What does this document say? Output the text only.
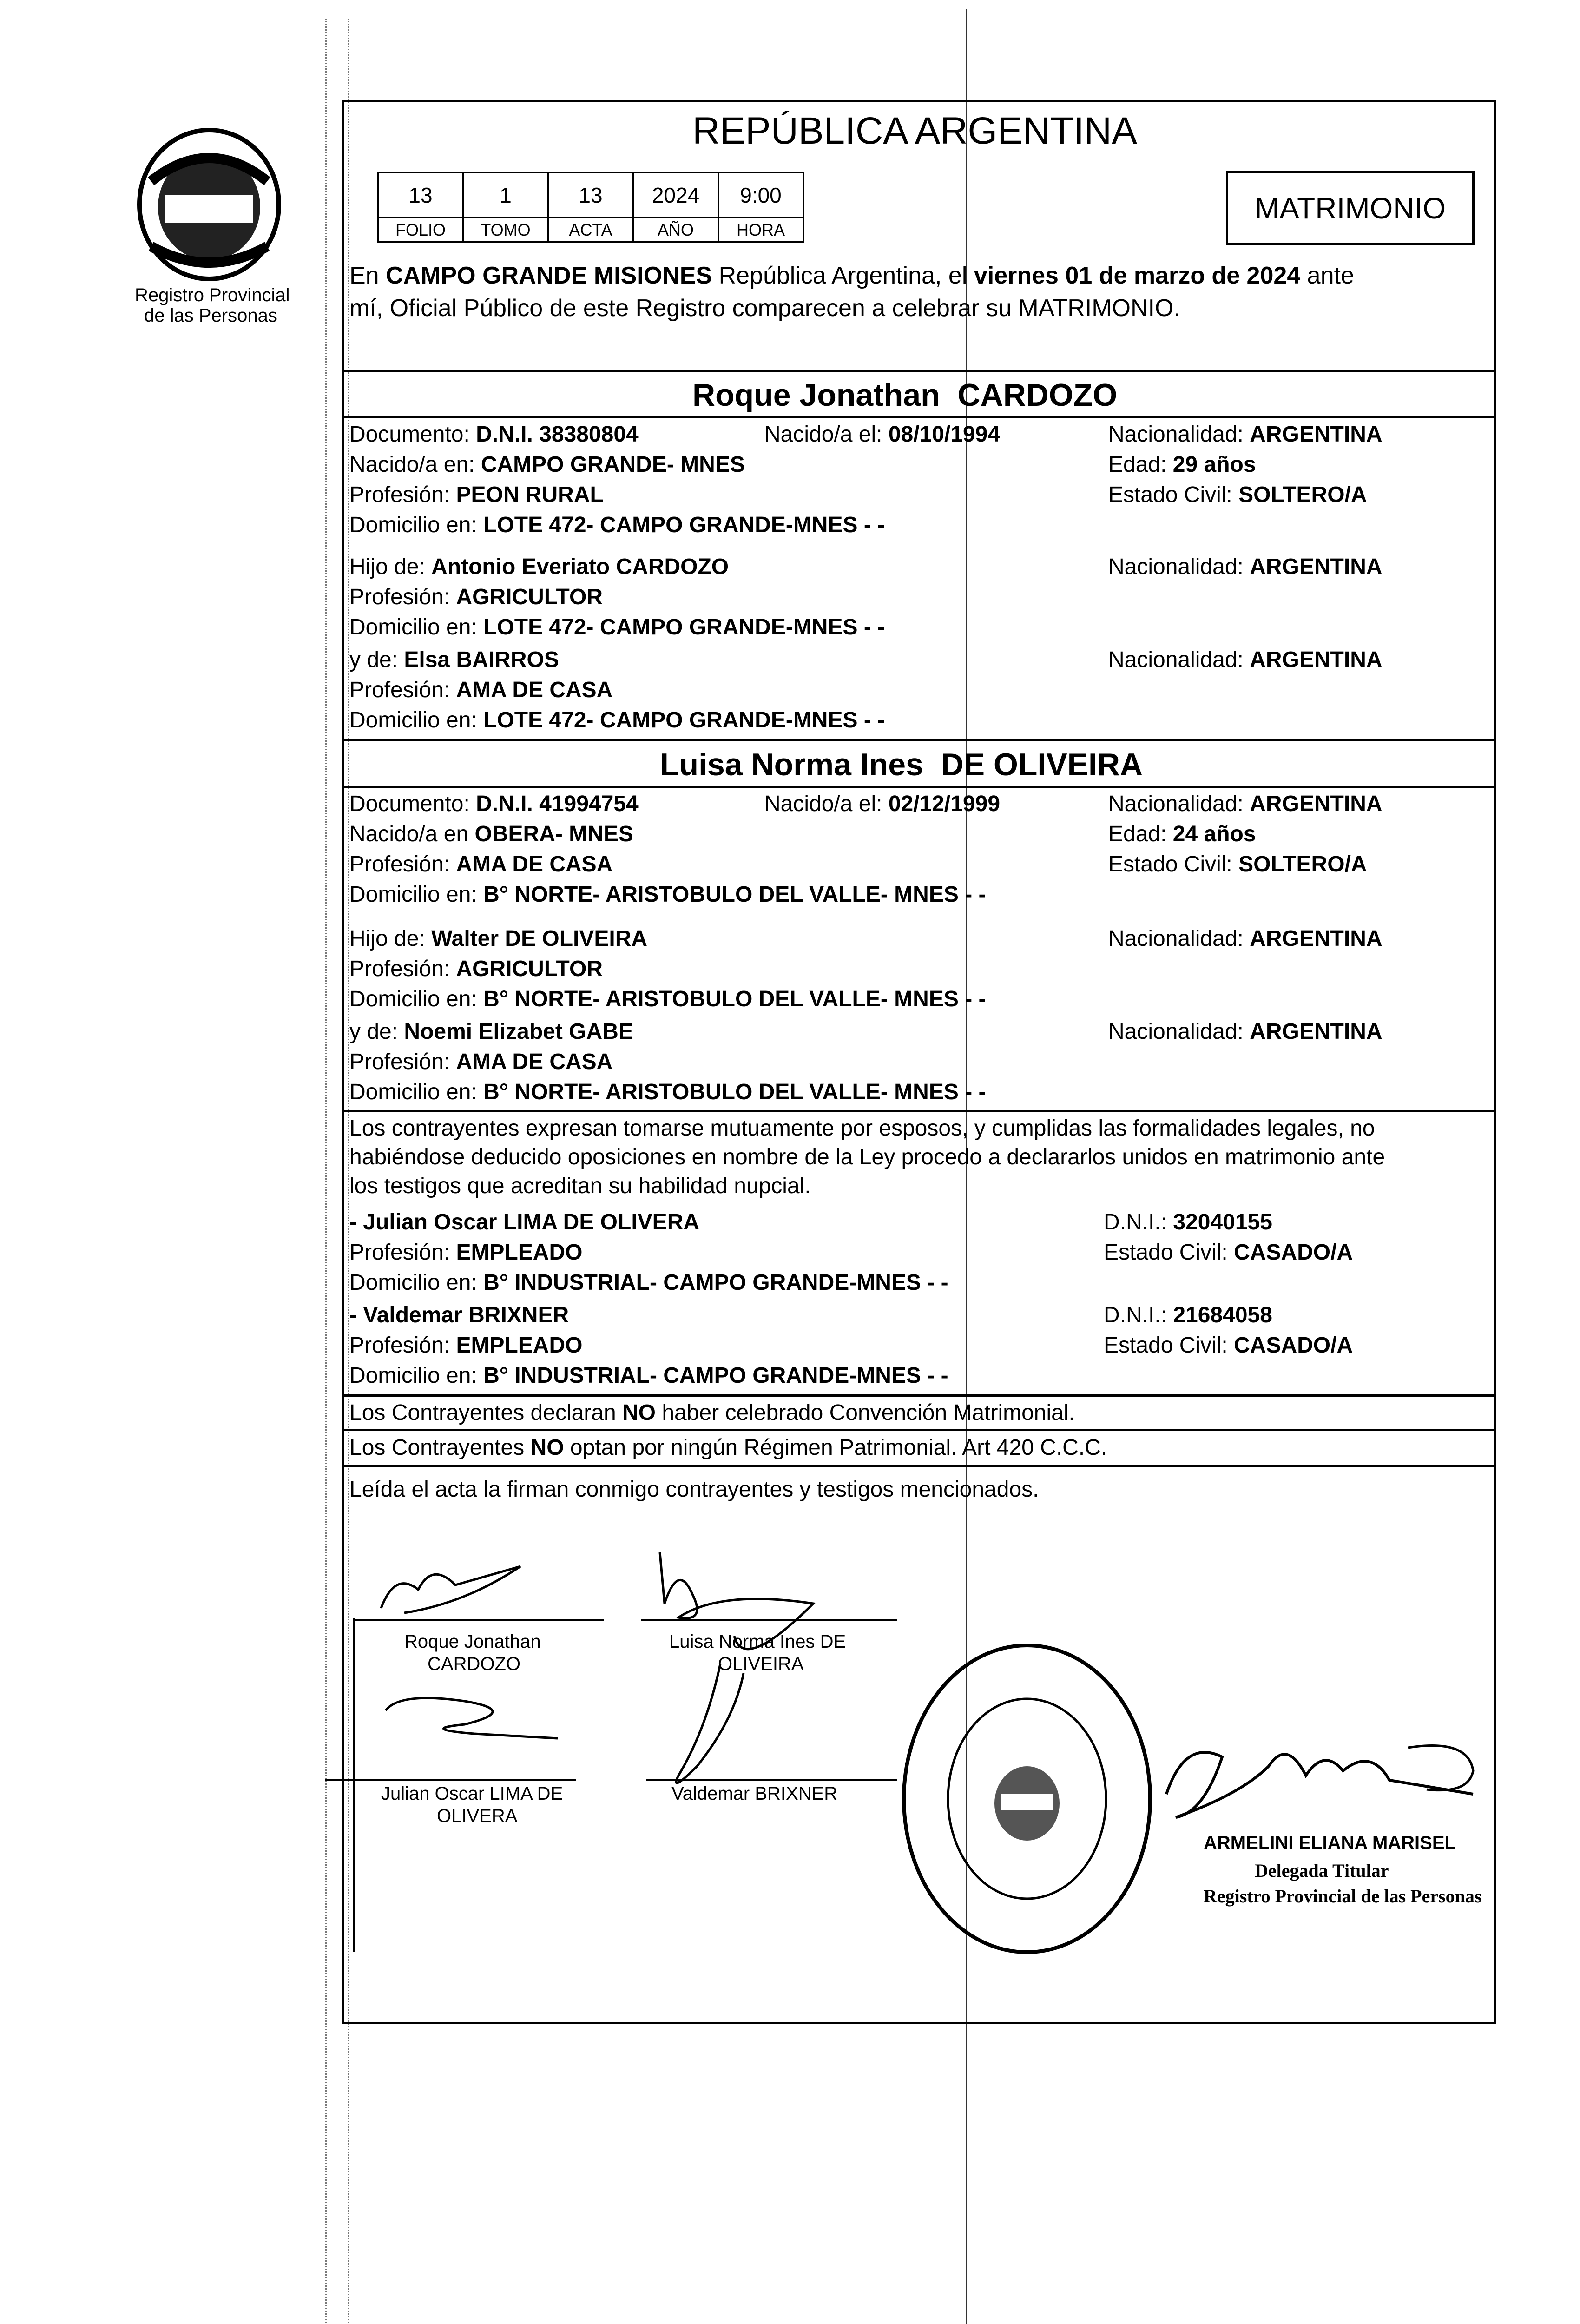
Registro Provincial
de las Personas
REPÚBLICA ARGENTINA
13	1	13	2024	9:00
FOLIO	TOMO	ACTA	AÑO	HORA
MATRIMONIO
En CAMPO GRANDE MISIONES República Argentina, el viernes 01 de marzo de 2024 ante
mí, Oficial Público de este Registro comparecen a celebrar su MATRIMONIO.
Roque Jonathan CARDOZO
Documento: D.N.I. 38380804	Nacido/a el: 08/10/1994	Nacionalidad: ARGENTINA
Nacido/a en: CAMPO GRANDE- MNES	Edad: 29 años
Profesión: PEON RURAL	Estado Civil: SOLTERO/A
Domicilio en: LOTE 472- CAMPO GRANDE-MNES - -
Hijo de: Antonio Everiato CARDOZO	Nacionalidad: ARGENTINA
Profesión: AGRICULTOR
Domicilio en: LOTE 472- CAMPO GRANDE-MNES - -
y de: Elsa BAIRROS	Nacionalidad: ARGENTINA
Profesión: AMA DE CASA
Domicilio en: LOTE 472- CAMPO GRANDE-MNES - -
Luisa Norma Ines DE OLIVEIRA
Documento: D.N.I. 41994754	Nacido/a el: 02/12/1999	Nacionalidad: ARGENTINA
Nacido/a en OBERA- MNES	Edad: 24 años
Profesión: AMA DE CASA	Estado Civil: SOLTERO/A
Domicilio en: B° NORTE- ARISTOBULO DEL VALLE- MNES - -
Hijo de: Walter DE OLIVEIRA	Nacionalidad: ARGENTINA
Profesión: AGRICULTOR
Domicilio en: B° NORTE- ARISTOBULO DEL VALLE- MNES - -
y de: Noemi Elizabet GABE	Nacionalidad: ARGENTINA
Profesión: AMA DE CASA
Domicilio en: B° NORTE- ARISTOBULO DEL VALLE- MNES - -
Los contrayentes expresan tomarse mutuamente por esposos, y cumplidas las formalidades legales, no
habiéndose deducido oposiciones en nombre de la Ley procedo a declararlos unidos en matrimonio ante
los testigos que acreditan su habilidad nupcial.
- Julian Oscar LIMA DE OLIVERA	D.N.I.: 32040155
Profesión: EMPLEADO	Estado Civil: CASADO/A
Domicilio en: B° INDUSTRIAL- CAMPO GRANDE-MNES - -
- Valdemar BRIXNER	D.N.I.: 21684058
Profesión: EMPLEADO	Estado Civil: CASADO/A
Domicilio en: B° INDUSTRIAL- CAMPO GRANDE-MNES - -
Los Contrayentes declaran NO haber celebrado Convención Matrimonial.
Los Contrayentes NO optan por ningún Régimen Patrimonial. Art 420 C.C.C.
Leída el acta la firman conmigo contrayentes y testigos mencionados.
Roque Jonathan
CARDOZO
Luisa Norma Ines DE
OLIVEIRA
Julian Oscar LIMA DE
OLIVERA
Valdemar BRIXNER
ARMELINI ELIANA MARISEL
Delegada Titular
Registro Provincial de las Personas
